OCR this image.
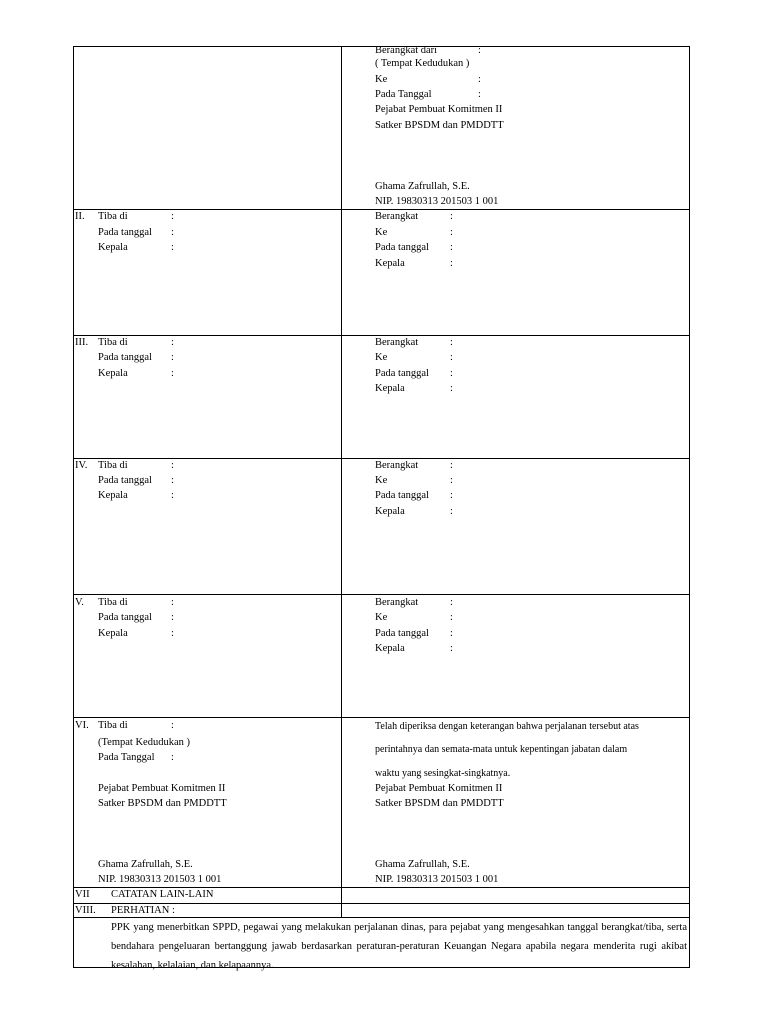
Berangkat dari	:
( Tempat Kedudukan )
Ke	:
Pada Tanggal	:
Pejabat Pembuat Komitmen II
Satker BPSDM dan PMDDTT
Ghama Zafrullah, S.E.
NIP. 19830313 201503 1 001
II. Tiba di	:
Pada tanggal :
Kepala	:
Berangkat	:
Ke	:
Pada tanggal :
Kepala	:
III. Tiba di	:
Pada tanggal :
Kepala	:
Berangkat	:
Ke	:
Pada tanggal :
Kepala	:
IV. Tiba di	:
Pada tanggal :
Kepala	:
Berangkat	:
Ke	:
Pada tanggal :
Kepala	:
V. Tiba di	:
Pada tanggal :
Kepala	:
Berangkat	:
Ke	:
Pada tanggal :
Kepala	:
VI. Tiba di	:
(Tempat Kedudukan )
Pada Tanggal :
Pejabat Pembuat Komitmen II
Satker BPSDM dan PMDDTT
Ghama Zafrullah, S.E.
NIP. 19830313 201503 1 001
Telah diperiksa dengan keterangan bahwa perjalanan tersebut atas
perintahnya dan semata-mata untuk kepentingan jabatan dalam
waktu yang sesingkat-singkatnya.
Pejabat Pembuat Komitmen II
Satker BPSDM dan PMDDTT
Ghama Zafrullah, S.E.
NIP. 19830313 201503 1 001
VII CATATAN LAIN-LAIN
VIII. PERHATIAN :
PPK yang menerbitkan SPPD, pegawai yang melakukan perjalanan dinas, para pejabat yang mengesahkan tanggal berangkat/tiba, serta bendahara pengeluaran bertanggung jawab berdasarkan peraturan-peraturan Keuangan Negara apabila negara menderita rugi akibat kesalahan, kelalaian, dan kelapaannya.
